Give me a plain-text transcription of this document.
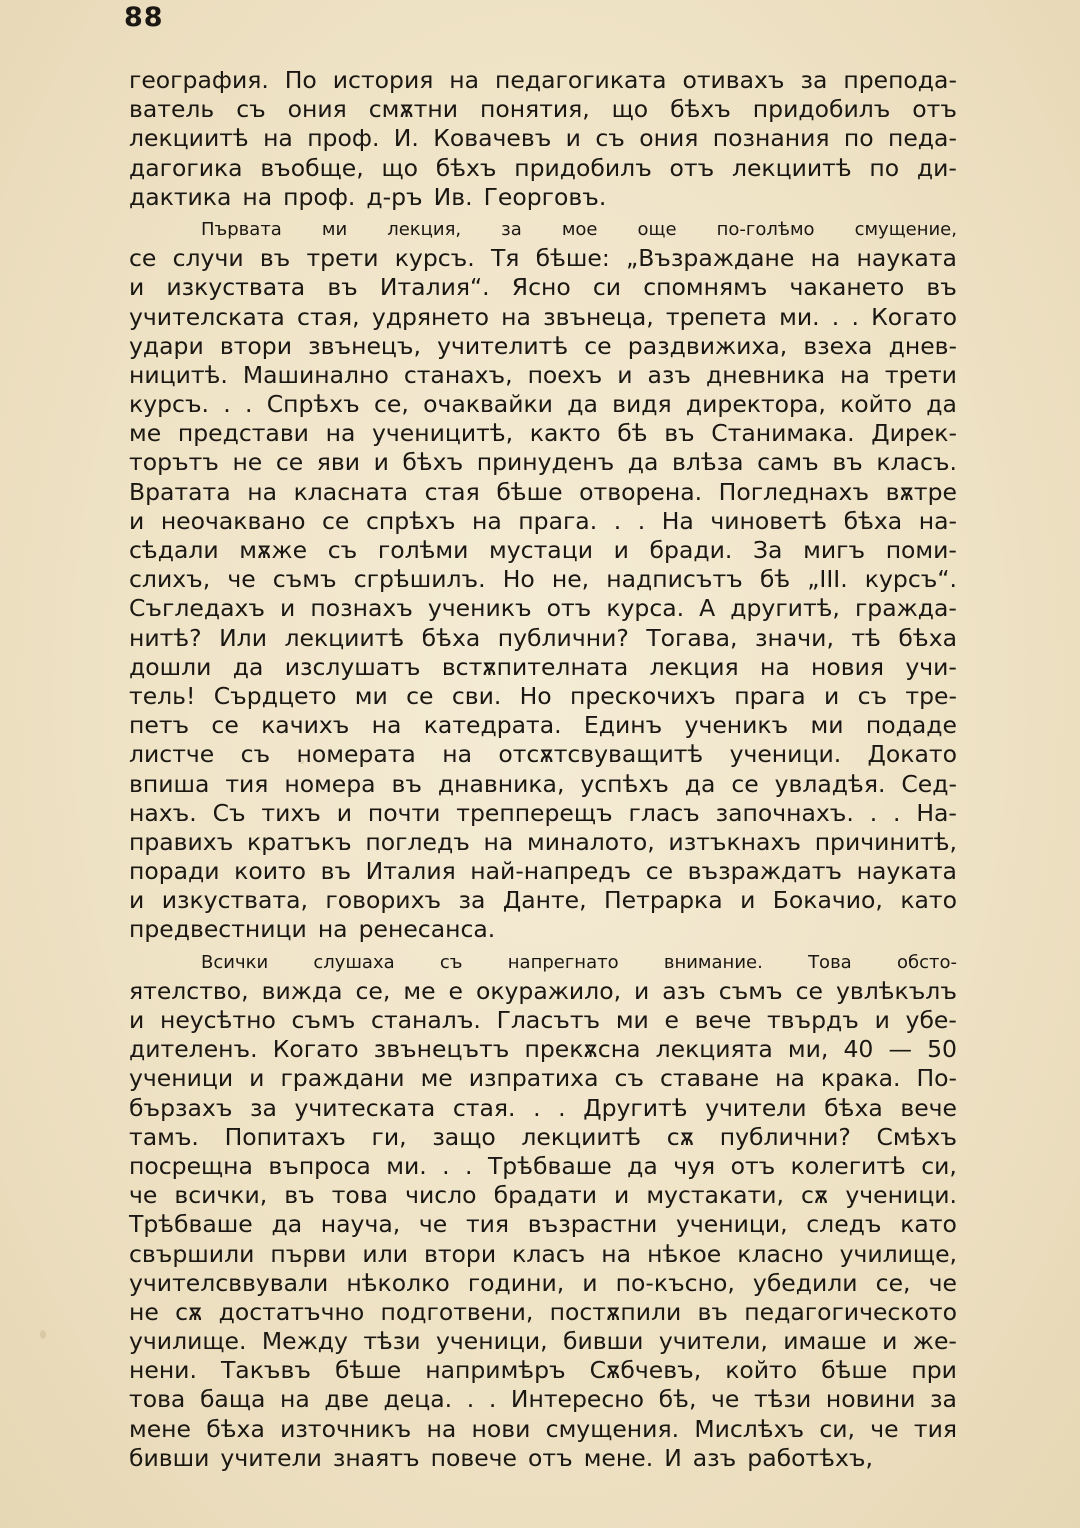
88
география. По история на педагогиката отивахъ за препода-
ватель съ ония смѫтни понятия, що бѣхъ придобилъ отъ
лекциитѣ на проф. И. Ковачевъ и съ ония познания по педа-
дагогика въобще, що бѣхъ придобилъ отъ лекциитѣ по ди-
дактика на проф. д-ръ Ив. Георговъ.
Първата ми лекция, за мое още по-голѣмо смущение,
се случи въ трети курсъ. Тя бѣше: „Възраждане на науката
и изкуствата въ Италия“. Ясно си спомнямъ чакането въ
учителската стая, удрянето на звънеца, трепета ми. . . Когато
удари втори звънецъ, учителитѣ се раздвижиха, взеха днев-
ницитѣ. Машинално станахъ, поехъ и азъ дневника на трети
курсъ. . . Спрѣхъ се, очаквайки да видя директора, който да
ме представи на ученицитѣ, както бѣ въ Станимака. Дирек-
торътъ не се яви и бѣхъ принуденъ да влѣза самъ въ класъ.
Вратата на класната стая бѣше отворена. Погледнахъ вѫтре
и неочаквано се спрѣхъ на прага. . . На чиноветѣ бѣха на-
сѣдали мѫже съ голѣми мустаци и бради. За мигъ поми-
слихъ, че съмъ сгрѣшилъ. Но не, надписътъ бѣ „III. курсъ“.
Съгледахъ и познахъ ученикъ отъ курса. А другитѣ, гражда-
нитѣ? Или лекциитѣ бѣха публични? Тогава, значи, тѣ бѣха
дошли да изслушатъ встѫпителната лекция на новия учи-
тель! Сърдцето ми се сви. Но прескочихъ прага и съ тре-
петъ се качихъ на катедрата. Единъ ученикъ ми подаде
листче съ номерата на отсѫтсвуващитѣ ученици. Докато
впиша тия номера въ днавника, успѣхъ да се увладѣя. Сед-
нахъ. Съ тихъ и почти трепперещъ гласъ започнахъ. . . На-
правихъ кратъкъ погледъ на миналото, изтъкнахъ причинитѣ,
поради които въ Италия най-напредъ се възраждатъ науката
и изкуствата, говорихъ за Данте, Петрарка и Бокачио, като
предвестници на ренесанса.
Всички	слушаха	съ	напрегнато	внимание.	Това	обсто-
ятелство, вижда се, ме е окуражило, и азъ съмъ се увлѣкълъ
и неусѣтно съмъ станалъ. Гласътъ ми е вече твърдъ и убе-
дителенъ. Когато звънецътъ прекѫсна лекцията ми, 40 — 50
ученици и граждани ме изпратиха съ ставане на крака. По-
бързахъ за учитеската стая. . . Другитѣ учители бѣха вече
тамъ. Попитахъ ги, защо лекциитѣ сѫ публични? Смѣхъ
посрещна въпроса ми. . . Трѣбваше да чуя отъ колегитѣ си,
че всички, въ това число брадати и мустакати, сѫ ученици.
Трѣбваше да науча, че тия възрастни ученици, следъ като
свършили първи или втори класъ на нѣкое класно училище,
учителсввували нѣколко години, и по-късно, убедили се, че
не сѫ достатъчно подготвени, постѫпили въ педагогическото
училище. Между тѣзи ученици, бивши учители, имаше и же-
нени. Такъвъ бѣше напримѣръ Сѫбчевъ, който бѣше при
това баща на две деца. . . Интересно бѣ, че тѣзи новини за
мене бѣха източникъ на нови смущения. Мислѣхъ си, че тия
бивши учители знаятъ повече отъ мене. И азъ работѣхъ,
